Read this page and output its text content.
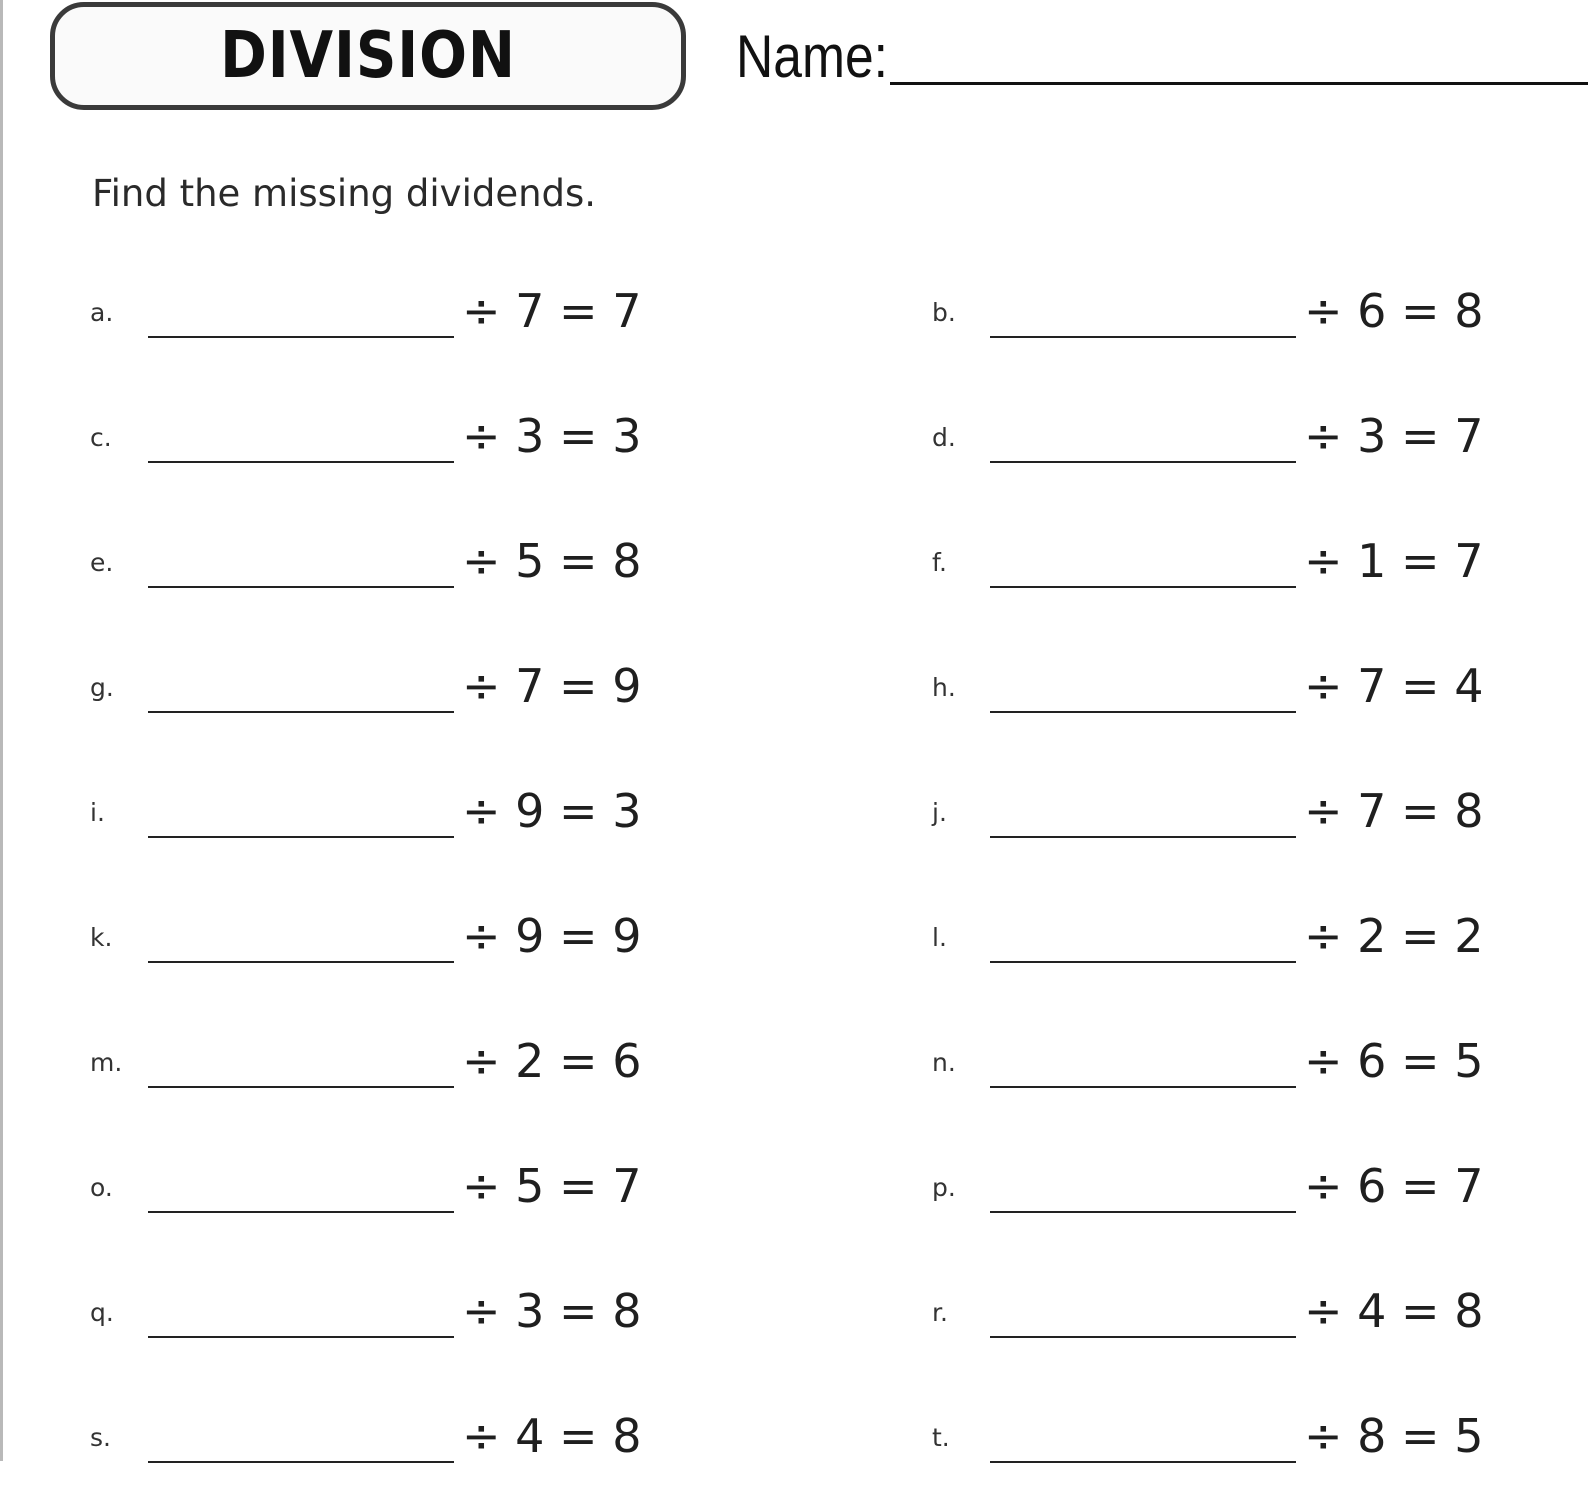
DIVISION	Name:
Find the missing dividends.
a.	÷ 7 = 7	b.	÷ 6 = 8
c.	÷ 3 = 3	d.	÷ 3 = 7
e.	÷ 5 = 8	f.	÷ 1 = 7
g.	÷ 7 = 9	h.	÷ 7 = 4
i.	÷ 9 = 3	j.	÷ 7 = 8
k.	÷ 9 = 9	l.	÷ 2 = 2
m.	÷ 2 = 6	n.	÷ 6 = 5
o.	÷ 5 = 7	p.	÷ 6 = 7
q.	÷ 3 = 8	r.	÷ 4 = 8
s.	÷ 4 = 8	t.	÷ 8 = 5
